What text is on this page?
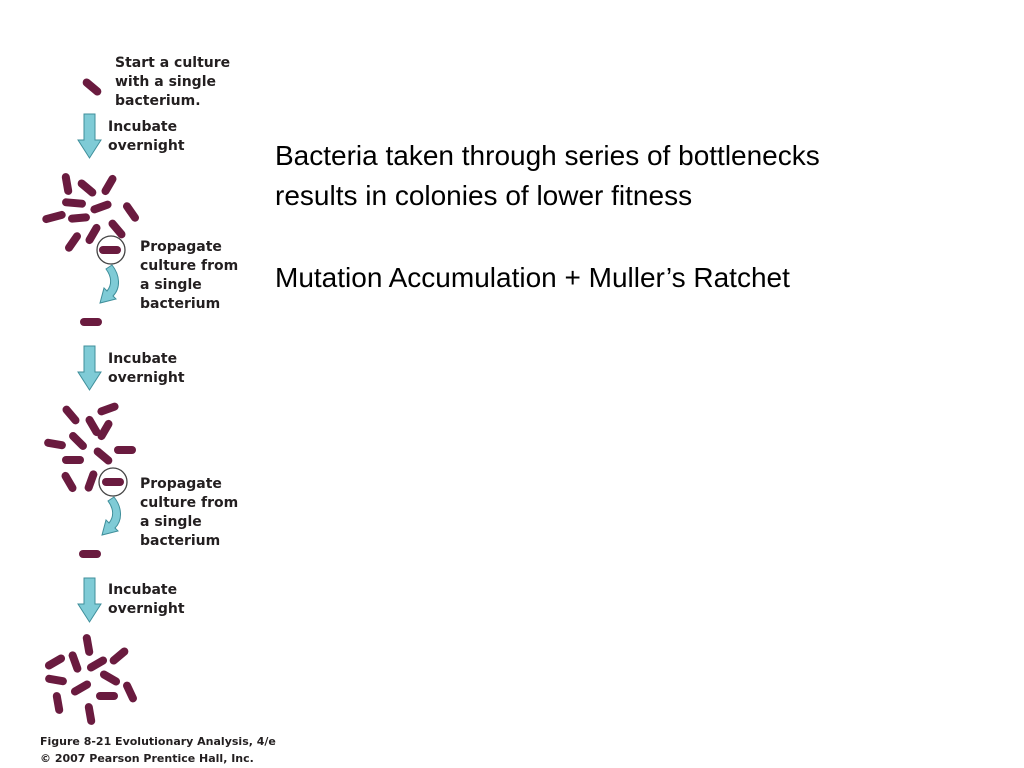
Start a culture
with a single
bacterium.

Incubate
overnight

Propagate
culture from
a single
bacterium

Incubate
overnight

Propagate
culture from
a single
bacterium

Incubate
overnight

Figure 8-21 Evolutionary Analysis, 4/e
© 2007 Pearson Prentice Hall, Inc.

Bacteria taken through series of bottlenecks
results in colonies of lower fitness

Mutation Accumulation + Muller’s Ratchet
